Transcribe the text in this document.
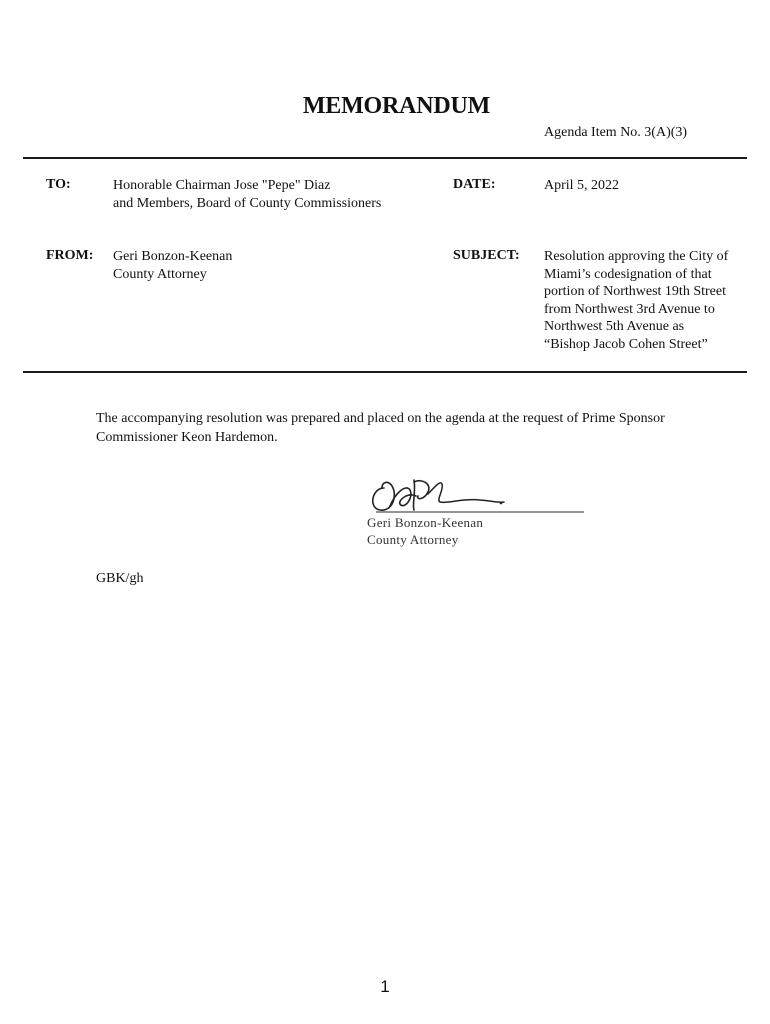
MEMORANDUM
Agenda Item No. 3(A)(3)
TO:	Honorable Chairman Jose "Pepe" Diaz
and Members, Board of County Commissioners
DATE:	April 5, 2022
FROM: Geri Bonzon-Keenan
County Attorney
SUBJECT: Resolution approving the City of
Miami’s codesignation of that
portion of Northwest 19th Street
from Northwest 3rd Avenue to
Northwest 5th Avenue as
“Bishop Jacob Cohen Street”
The accompanying resolution was prepared and placed on the agenda at the request of Prime Sponsor
Commissioner Keon Hardemon.
Geri Bonzon-Keenan
County Attorney
GBK/gh
1
